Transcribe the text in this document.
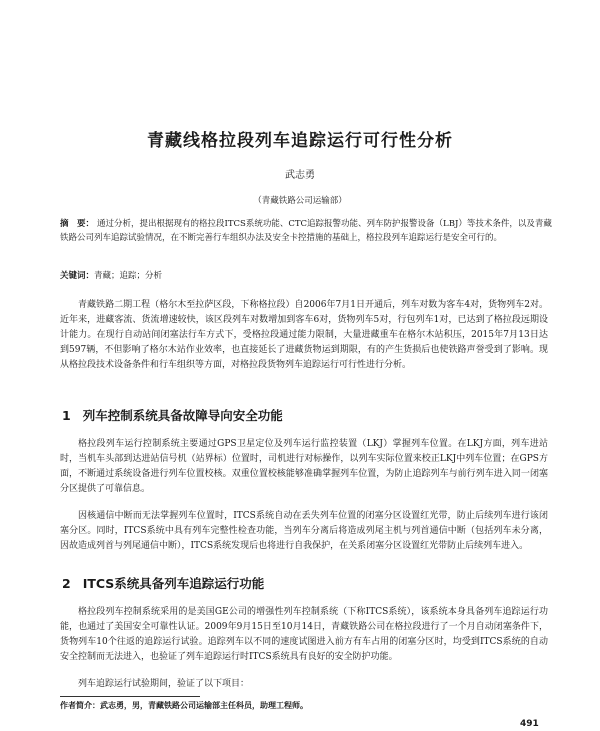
青藏线格拉段列车追踪运行可行性分析
武志勇
（青藏铁路公司运输部）
摘　要： 通过分析，提出根据现有的格拉段ITCS系统功能、CTC追踪报警功能、列车防护报警设备（LBJ）等技术条件，以及青藏铁路公司列车追踪试验情况，在不断完善行车组织办法及安全卡控措施的基础上，格拉段列车追踪运行是安全可行的。
关键词：青藏；追踪；分析

青藏铁路二期工程（格尔木至拉萨区段，下称格拉段）自2006年7月1日开通后，列车对数为客车4对，货物列车2对。近年来，进藏客流、货流增速较快，该区段列车对数增加到客车6对，货物列车5对，行包列车1对，已达到了格拉段远期设计能力。在现行自动站间闭塞法行车方式下，受格拉段通过能力限制，大量进藏重车在格尔木站积压，2015年7月13日达到597辆，不但影响了格尔木站作业效率，也直接延长了进藏货物运到期限，有的产生货损后也使铁路声誉受到了影响。现从格拉段技术设备条件和行车组织等方面，对格拉段货物列车追踪运行可行性进行分析。

1 列车控制系统具备故障导向安全功能

格拉段列车运行控制系统主要通过GPS卫星定位及列车运行监控装置（LKJ）掌握列车位置。在LKJ方面，列车进站时，当机车头部到达进站信号机（站界标）位置时，司机进行对标操作，以列车实际位置来校正LKJ中列车位置；在GPS方面，不断通过系统设备进行列车位置校核。双重位置校核能够准确掌握列车位置，为防止追踪列车与前行列车进入同一闭塞分区提供了可靠信息。

因核通信中断而无法掌握列车位置时，ITCS系统自动在丢失列车位置的闭塞分区设置红光带，防止后续列车进行该闭塞分区。同时，ITCS系统中具有列车完整性检查功能，当列车分离后将造成列尾主机与列首通信中断（包括列车未分离，因故造成列首与列尾通信中断），ITCS系统发现后也将进行自我保护，在关系闭塞分区设置红光带防止后续列车进入。

2 ITCS系统具备列车追踪运行功能

格拉段列车控制系统采用的是美国GE公司的增强性列车控制系统（下称ITCS系统），该系统本身具备列车追踪运行功能，也通过了美国安全可靠性认证。2009年9月15日至10月14日，青藏铁路公司在格拉段进行了一个月自动闭塞条件下，货物列车10个往返的追踪运行试验。追踪列车以不同的速度试图进入前方有车占用的闭塞分区时，均受到ITCS系统的自动安全控制而无法进入，也验证了列车追踪运行时ITCS系统具有良好的安全防护功能。

列车追踪运行试验期间，验证了以下项目：

作者简介：武志勇，男，青藏铁路公司运输部主任科员，助理工程师。
491
